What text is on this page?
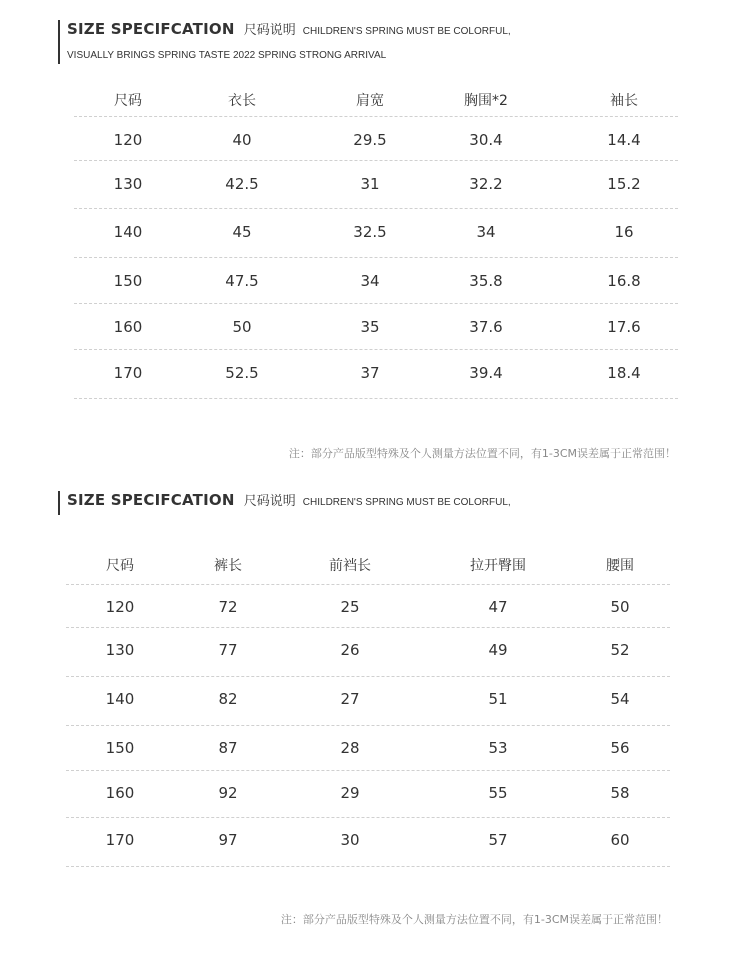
SIZE SPECIFCATION 尺码说明 CHILDREN'S SPRING MUST BE COLORFUL,
VISUALLY BRINGS SPRING TASTE 2022 SPRING STRONG ARRIVAL
尺码	衣长	肩宽	胸围*2	袖长
120	40	29.5	30.4	14.4
130	42.5	31	32.2	15.2
140	45	32.5	34	16
150	47.5	34	35.8	16.8
160	50	35	37.6	17.6
170	52.5	37	39.4	18.4
注：部分产品版型特殊及个人测量方法位置不同，有1-3CM误差属于正常范围！
SIZE SPECIFCATION 尺码说明 CHILDREN'S SPRING MUST BE COLORFUL,
尺码	裤长	前裆长	拉开臀围	腰围
120	72	25	47	50
130	77	26	49	52
140	82	27	51	54
150	87	28	53	56
160	92	29	55	58
170	97	30	57	60
注：部分产品版型特殊及个人测量方法位置不同，有1-3CM误差属于正常范围！
